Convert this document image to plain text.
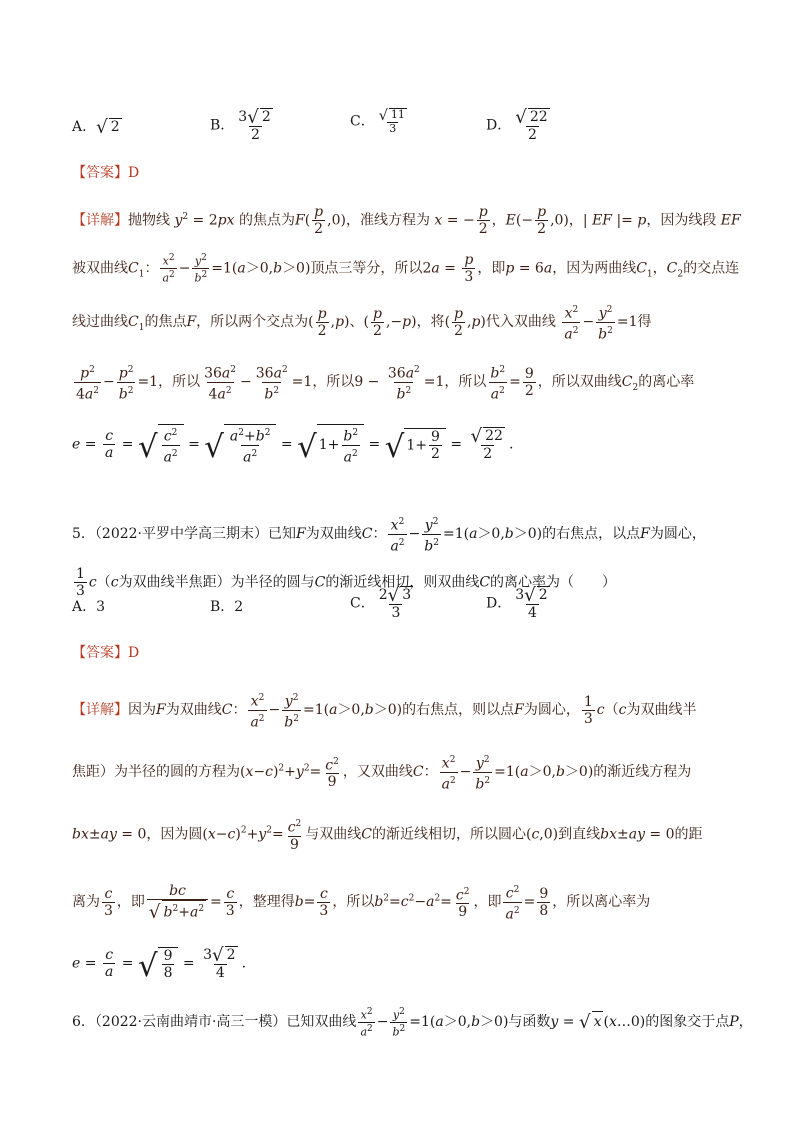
A．√ 2	B． $\frac{3√ 2}{2}$	C． $\frac{√ 11}{3}$	D． $\frac{√ 22}{2}$
【答案】D
【详解】抛物线 $y^2 = 2px$ 的焦点为$F( \frac{p}{2} ,0)$，准线方程为 x = − $\frac{p}{2}$ ，$E(- \frac{p}{2} ,0)$，| EF |= p，因为线段 EF
被双曲线$C_1$： $\frac{x^2}{a^2} - \frac{y^2}{b^2} =1(a>0,b>0)$顶点三等分，所以$2a = \frac{p}{3}$ ，即p = 6a，因为两曲线$C_1$，$C_2$的交点连
线过曲线$C_1$的焦点F，所以两个交点为( $\frac{p}{2} ,p$)、( $\frac{p}{2} ,-p$)，将( $\frac{p}{2} ,p$)代入双曲线 $\frac{x^2}{a^2} - \frac{y^2}{b^2} =1$得
$\frac{p^2}{4a^2} - \frac{p^2}{b^2} =1$，所以 $\frac{36a^2}{4a^2} - \frac{36a^2}{b^2} =1$，所以$9 - \frac{36a^2}{b^2} =1$，所以 $\frac{b^2}{a^2} = \frac{9}{2}$ ，所以双曲线$C_2$的离心率
$e = \frac{c}{a}$ = √ $\frac{c^2}{a^2}$ = √ $\frac{a^2+b^2}{a^2}$ = √ $1+ \frac{b^2}{a^2}$ = √ $1+ \frac{9}{2} = \frac{√ 22}{2}$ .
5．（2022·平罗中学高三期末）已知F为双曲线C： $\frac{x^2}{a^2} - \frac{y^2}{b^2} =1(a>0,b>0)$的右焦点，以点F为圆心，
$\frac{1}{3} c(c$为双曲线半焦距）为半径的圆与C的渐近线相切，则双曲线C的离心率为（　　）
A．3	B．2	C． $\frac{2√ 3}{3}$	D． $\frac{3√ 2}{4}$
【答案】D
【详解】因为F为双曲线C： $\frac{x^2}{a^2} - \frac{y^2}{b^2} =1(a>0,b>0)$的右焦点，则以点F为圆心， $\frac{1}{3} c(c$为双曲线半
焦距）为半径的圆的方程为$(x-c)^2+y^2= \frac{c^2}{9}$ ，又双曲线C： $\frac{x^2}{a^2} - \frac{y^2}{b^2} =1(a>0,b>0)$的渐近线方程为
bx±ay = 0，因为圆$(x-c)^2+y^2= \frac{c^2}{9}$ 与双曲线C的渐近线相切，所以圆心(c,0)到直线bx±ay = 0的距
离为 $\frac{c}{3}$ ，即 $\frac{bc}{√ b^2+a^2} = \frac{c}{3}$ ，整理得$b= \frac{c}{3}$ ，所以$b^2=c^2-a^2= \frac{c^2}{9}$ ，即 $\frac{c^2}{a^2} = \frac{9}{8}$ ，所以离心率为
$e = \frac{c}{a}$ = √ $\frac{9}{8} = \frac{3√ 2}{4}$ .
6．（2022·云南曲靖市·高三一模）已知双曲线 $\frac{x^2}{a^2} - \frac{y^2}{b^2} =1(a>0,b>0)$与函数y = √ x (x…0)的图象交于点P，
